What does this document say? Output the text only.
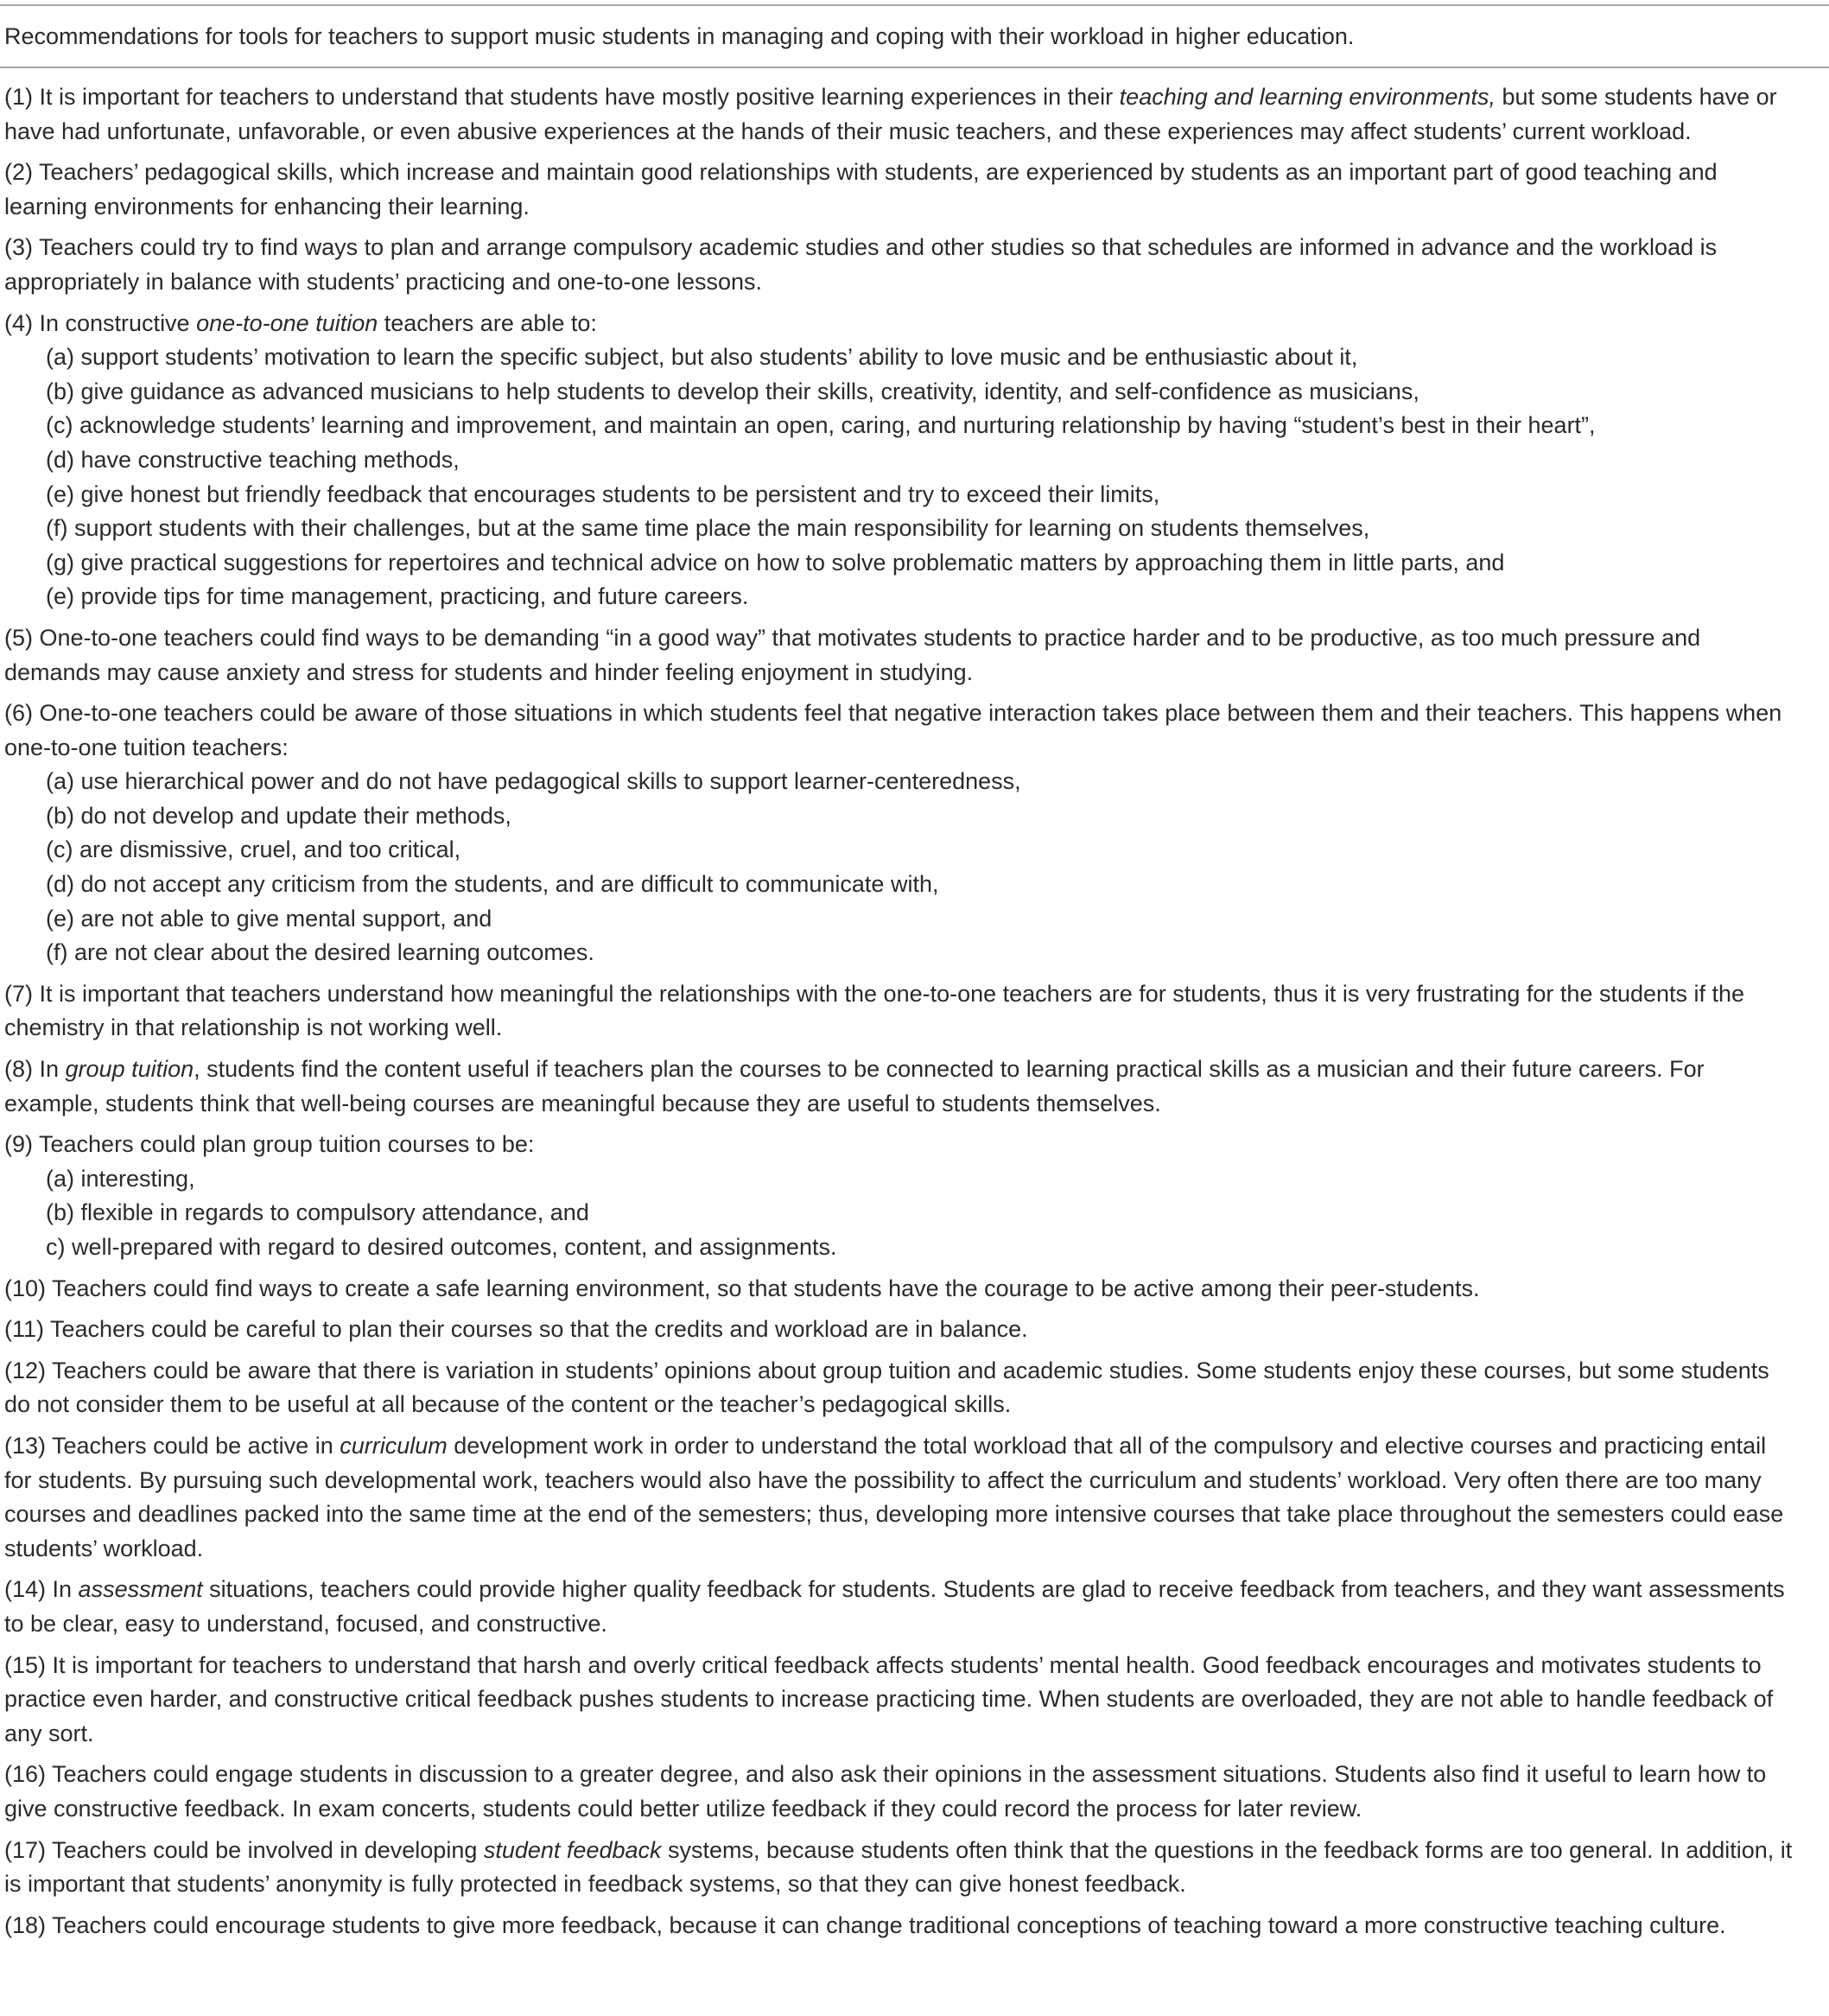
Recommendations for tools for teachers to support music students in managing and coping with their workload in higher education.

(1) It is important for teachers to understand that students have mostly positive learning experiences in their teaching and learning environments, but some students have or have had unfortunate, unfavorable, or even abusive experiences at the hands of their music teachers, and these experiences may affect students’ current workload.

(2) Teachers’ pedagogical skills, which increase and maintain good relationships with students, are experienced by students as an important part of good teaching and learning environments for enhancing their learning.

(3) Teachers could try to find ways to plan and arrange compulsory academic studies and other studies so that schedules are informed in advance and the workload is appropriately in balance with students’ practicing and one-to-one lessons.

(4) In constructive one-to-one tuition teachers are able to:

(a) support students’ motivation to learn the specific subject, but also students’ ability to love music and be enthusiastic about it,
(b) give guidance as advanced musicians to help students to develop their skills, creativity, identity, and self-confidence as musicians,
(c) acknowledge students’ learning and improvement, and maintain an open, caring, and nurturing relationship by having “student’s best in their heart”,
(d) have constructive teaching methods,
(e) give honest but friendly feedback that encourages students to be persistent and try to exceed their limits,
(f) support students with their challenges, but at the same time place the main responsibility for learning on students themselves,
(g) give practical suggestions for repertoires and technical advice on how to solve problematic matters by approaching them in little parts, and
(e) provide tips for time management, practicing, and future careers.

(5) One-to-one teachers could find ways to be demanding “in a good way” that motivates students to practice harder and to be productive, as too much pressure and demands may cause anxiety and stress for students and hinder feeling enjoyment in studying.

(6) One-to-one teachers could be aware of those situations in which students feel that negative interaction takes place between them and their teachers. This happens when one-to-one tuition teachers:

(a) use hierarchical power and do not have pedagogical skills to support learner-centeredness,
(b) do not develop and update their methods,
(c) are dismissive, cruel, and too critical,
(d) do not accept any criticism from the students, and are difficult to communicate with,
(e) are not able to give mental support, and
(f) are not clear about the desired learning outcomes.

(7) It is important that teachers understand how meaningful the relationships with the one-to-one teachers are for students, thus it is very frustrating for the students if the chemistry in that relationship is not working well.

(8) In group tuition, students find the content useful if teachers plan the courses to be connected to learning practical skills as a musician and their future careers. For example, students think that well-being courses are meaningful because they are useful to students themselves.

(9) Teachers could plan group tuition courses to be:

(a) interesting,
(b) flexible in regards to compulsory attendance, and
c) well-prepared with regard to desired outcomes, content, and assignments.

(10) Teachers could find ways to create a safe learning environment, so that students have the courage to be active among their peer-students.

(11) Teachers could be careful to plan their courses so that the credits and workload are in balance.

(12) Teachers could be aware that there is variation in students’ opinions about group tuition and academic studies. Some students enjoy these courses, but some students do not consider them to be useful at all because of the content or the teacher’s pedagogical skills.

(13) Teachers could be active in curriculum development work in order to understand the total workload that all of the compulsory and elective courses and practicing entail for students. By pursuing such developmental work, teachers would also have the possibility to affect the curriculum and students’ workload. Very often there are too many courses and deadlines packed into the same time at the end of the semesters; thus, developing more intensive courses that take place throughout the semesters could ease students’ workload.

(14) In assessment situations, teachers could provide higher quality feedback for students. Students are glad to receive feedback from teachers, and they want assessments to be clear, easy to understand, focused, and constructive.

(15) It is important for teachers to understand that harsh and overly critical feedback affects students’ mental health. Good feedback encourages and motivates students to practice even harder, and constructive critical feedback pushes students to increase practicing time. When students are overloaded, they are not able to handle feedback of any sort.

(16) Teachers could engage students in discussion to a greater degree, and also ask their opinions in the assessment situations. Students also find it useful to learn how to give constructive feedback. In exam concerts, students could better utilize feedback if they could record the process for later review.

(17) Teachers could be involved in developing student feedback systems, because students often think that the questions in the feedback forms are too general. In addition, it is important that students’ anonymity is fully protected in feedback systems, so that they can give honest feedback.

(18) Teachers could encourage students to give more feedback, because it can change traditional conceptions of teaching toward a more constructive teaching culture.
